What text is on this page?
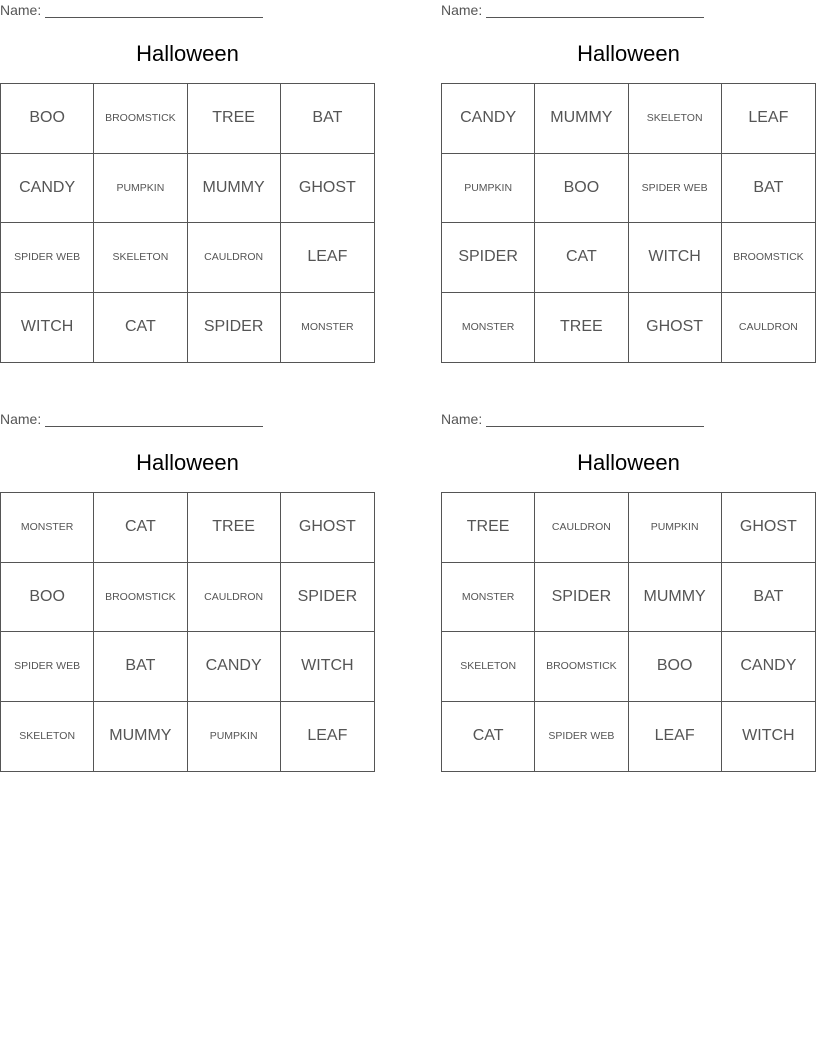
Name:
Halloween
BOO	BROOMSTICK	TREE	BAT
CANDY	PUMPKIN	MUMMY	GHOST
SPIDER WEB	SKELETON	CAULDRON	LEAF
WITCH	CAT	SPIDER	MONSTER
Name:
Halloween
CANDY	MUMMY	SKELETON	LEAF
PUMPKIN	BOO	SPIDER WEB	BAT
SPIDER	CAT	WITCH	BROOMSTICK
MONSTER	TREE	GHOST	CAULDRON
Name:
Halloween
MONSTER	CAT	TREE	GHOST
BOO	BROOMSTICK	CAULDRON	SPIDER
SPIDER WEB	BAT	CANDY	WITCH
SKELETON	MUMMY	PUMPKIN	LEAF
Name:
Halloween
TREE	CAULDRON	PUMPKIN	GHOST
MONSTER	SPIDER	MUMMY	BAT
SKELETON	BROOMSTICK	BOO	CANDY
CAT	SPIDER WEB	LEAF	WITCH
